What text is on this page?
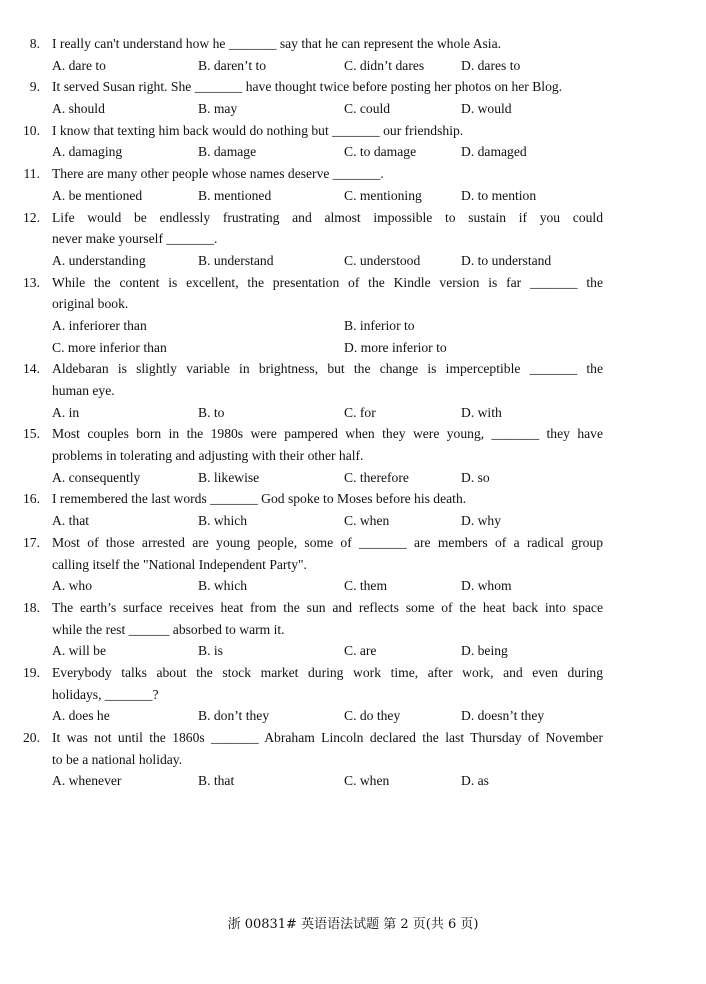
8. I really can't understand how he _______ say that he can represent the whole Asia.
A. dare to	B. daren’t to	C. didn’t dares	D. dares to
9. It served Susan right. She _______ have thought twice before posting her photos on her Blog.
A. should	B. may	C. could	D. would
10. I know that texting him back would do nothing but _______ our friendship.
A. damaging	B. damage	C. to damage	D. damaged
11. There are many other people whose names deserve _______.
A. be mentioned	B. mentioned	C. mentioning	D. to mention
12. Life would be endlessly frustrating and almost impossible to sustain if you could
never make yourself _______.
A. understanding	B. understand	C. understood	D. to understand
13. While the content is excellent, the presentation of the Kindle version is far _______ the
original book.
A. inferiorer than	B. inferior to
C. more inferior than	D. more inferior to
14. Aldebaran is slightly variable in brightness, but the change is imperceptible _______ the
human eye.
A. in	B. to	C. for	D. with
15. Most couples born in the 1980s were pampered when they were young, _______ they have
problems in tolerating and adjusting with their other half.
A. consequently	B. likewise	C. therefore	D. so
16. I remembered the last words _______ God spoke to Moses before his death.
A. that	B. which	C. when	D. why
17. Most of those arrested are young people, some of _______ are members of a radical group
calling itself the "National Independent Party".
A. who	B. which	C. them	D. whom
18. The earth’s surface receives heat from the sun and reflects some of the heat back into space
while the rest ______ absorbed to warm it.
A. will be	B. is	C. are	D. being
19. Everybody talks about the stock market during work time, after work, and even during
holidays, _______?
A. does he	B. don’t they	C. do they	D. doesn’t they
20. It was not until the 1860s _______ Abraham Lincoln declared the last Thursday of November
to be a national holiday.
A. whenever	B. that	C. when	D. as
浙 00831# 英语语法试题 第 2 页(共 6 页)
